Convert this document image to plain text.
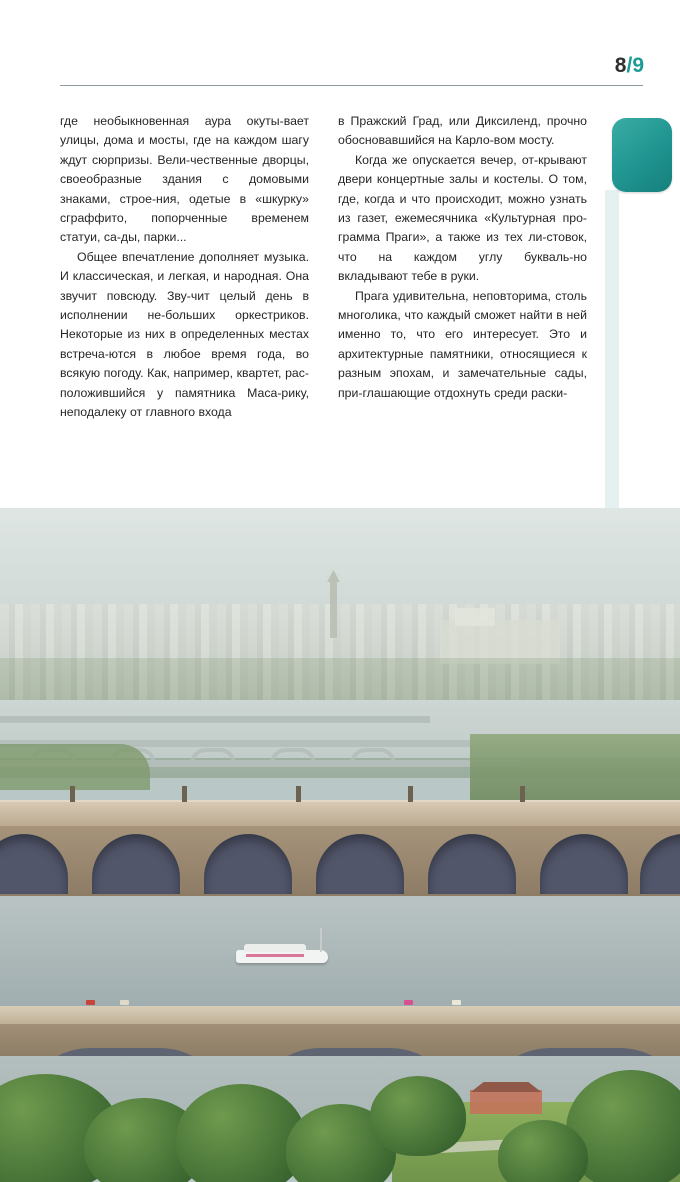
8/9

где необыкновенная аура окуты-вает улицы, дома и мосты, где на каждом шагу ждут сюрпризы. Вели-чественные дворцы, своеобразные здания с домовыми знаками, строе-ния, одетые в «шкурку» сграффито, попорченные временем статуи, са-ды, парки...

Общее впечатление дополняет музыка. И классическая, и легкая, и народная. Она звучит повсюду. Зву-чит целый день в исполнении не-больших оркестриков. Некоторые из них в определенных местах встреча-ются в любое время года, во всякую погоду. Как, например, квартет, рас-положившийся у памятника Маса-рику, неподалеку от главного входа

в Пражский Град, или Диксиленд, прочно обосновавшийся на Карло-вом мосту.

Когда же опускается вечер, от-крывают двери концертные залы и костелы. О том, где, когда и что происходит, можно узнать из газет, ежемесячника «Культурная про-грамма Праги», а также из тех ли-стовок, что на каждом углу букваль-но вкладывают тебе в руки.

Прага удивительна, неповторима, столь многолика, что каждый сможет найти в ней именно то, что его интересует. Это и архитектурные памятники, относящиеся к разным эпохам, и замечательные сады, при-глашающие отдохнуть среди раски-
